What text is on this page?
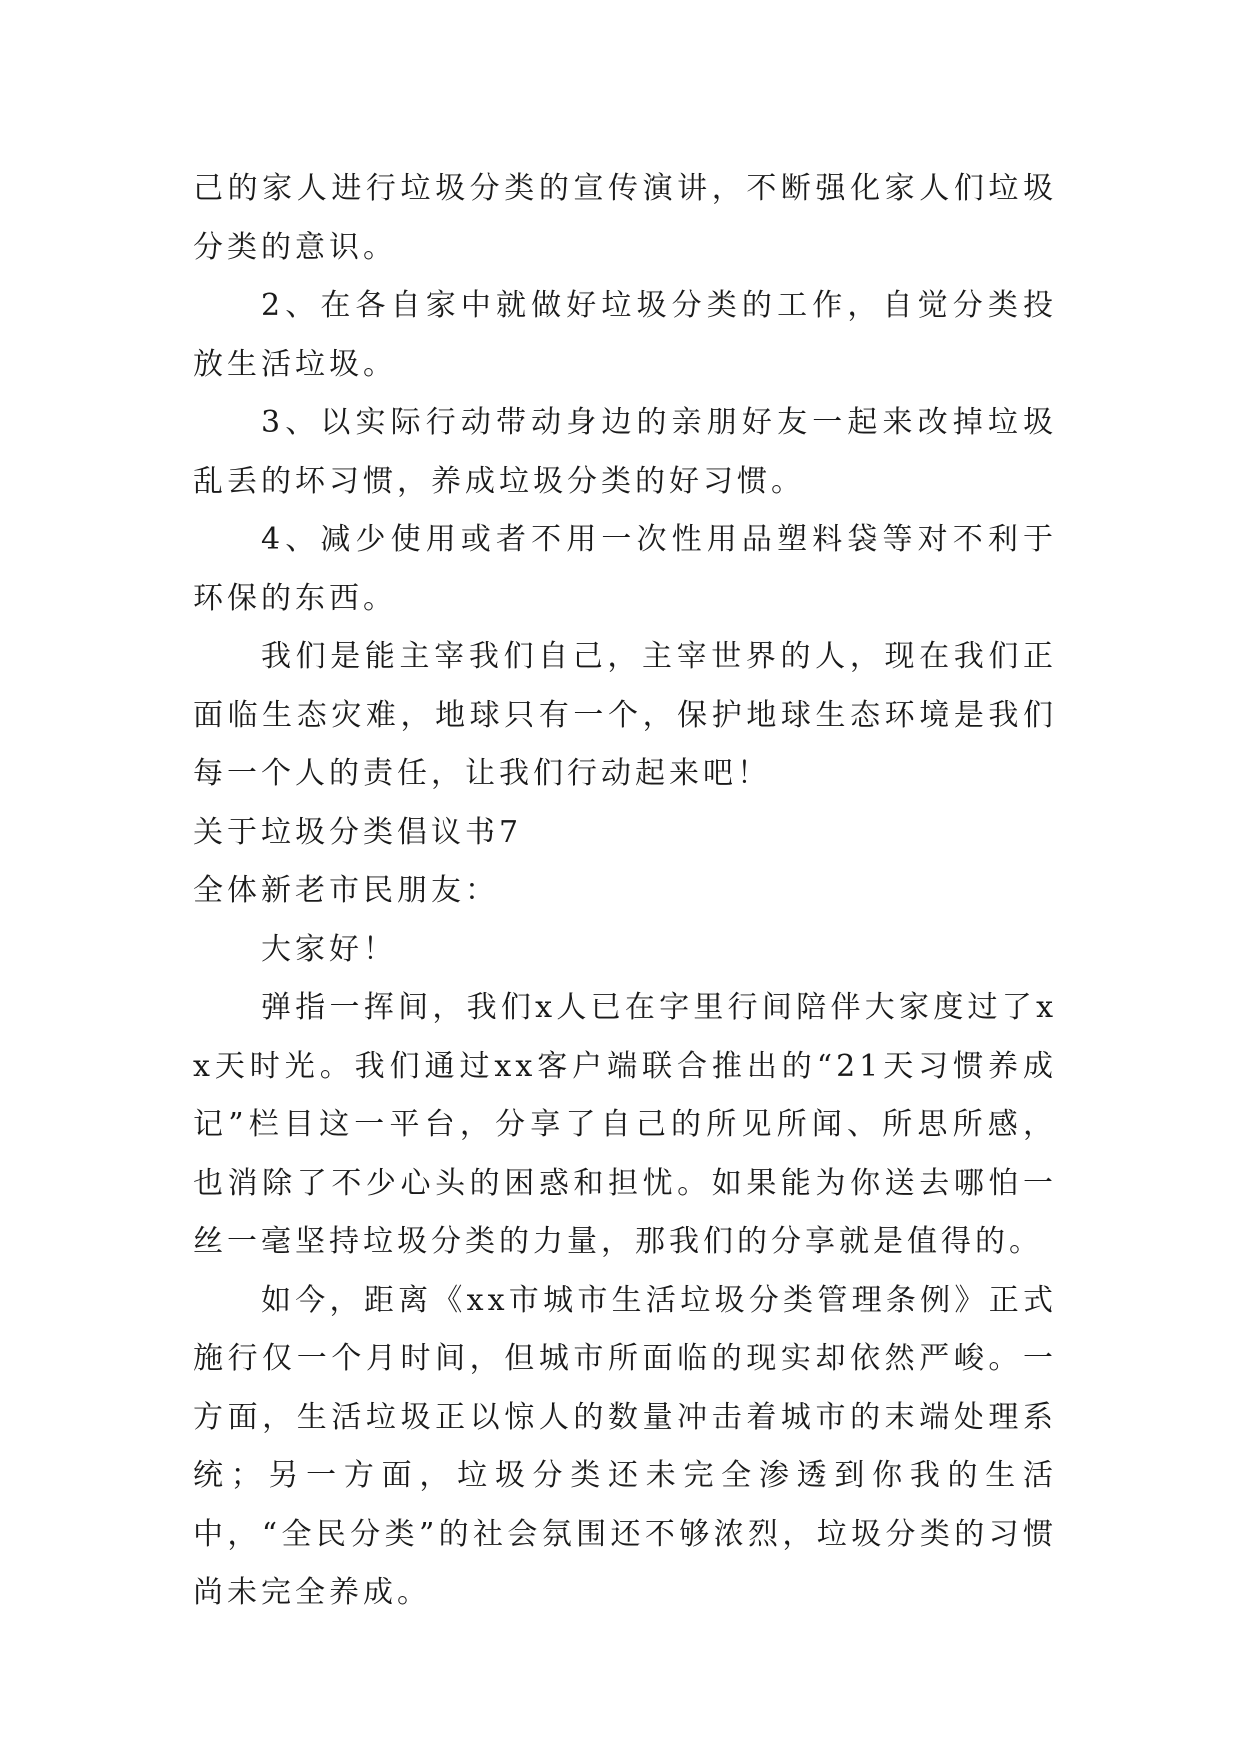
己的家人进行垃圾分类的宣传演讲，不断强化家人们垃圾分类的意识。

2、在各自家中就做好垃圾分类的工作，自觉分类投放生活垃圾。

3、以实际行动带动身边的亲朋好友一起来改掉垃圾乱丢的坏习惯，养成垃圾分类的好习惯。

4、减少使用或者不用一次性用品塑料袋等对不利于环保的东西。

我们是能主宰我们自己，主宰世界的人，现在我们正面临生态灾难，地球只有一个，保护地球生态环境是我们每一个人的责任，让我们行动起来吧！

关于垃圾分类倡议书7

全体新老市民朋友：

大家好！

弹指一挥间，我们x人已在字里行间陪伴大家度过了xx天时光。我们通过xx客户端联合推出的“21天习惯养成记”栏目这一平台，分享了自己的所见所闻、所思所感，也消除了不少心头的困惑和担忧。如果能为你送去哪怕一丝一毫坚持垃圾分类的力量，那我们的分享就是值得的。

如今，距离《xx市城市生活垃圾分类管理条例》正式施行仅一个月时间，但城市所面临的现实却依然严峻。一方面，生活垃圾正以惊人的数量冲击着城市的末端处理系统；另一方面，垃圾分类还未完全渗透到你我的生活中，“全民分类”的社会氛围还不够浓烈，垃圾分类的习惯尚未完全养成。
